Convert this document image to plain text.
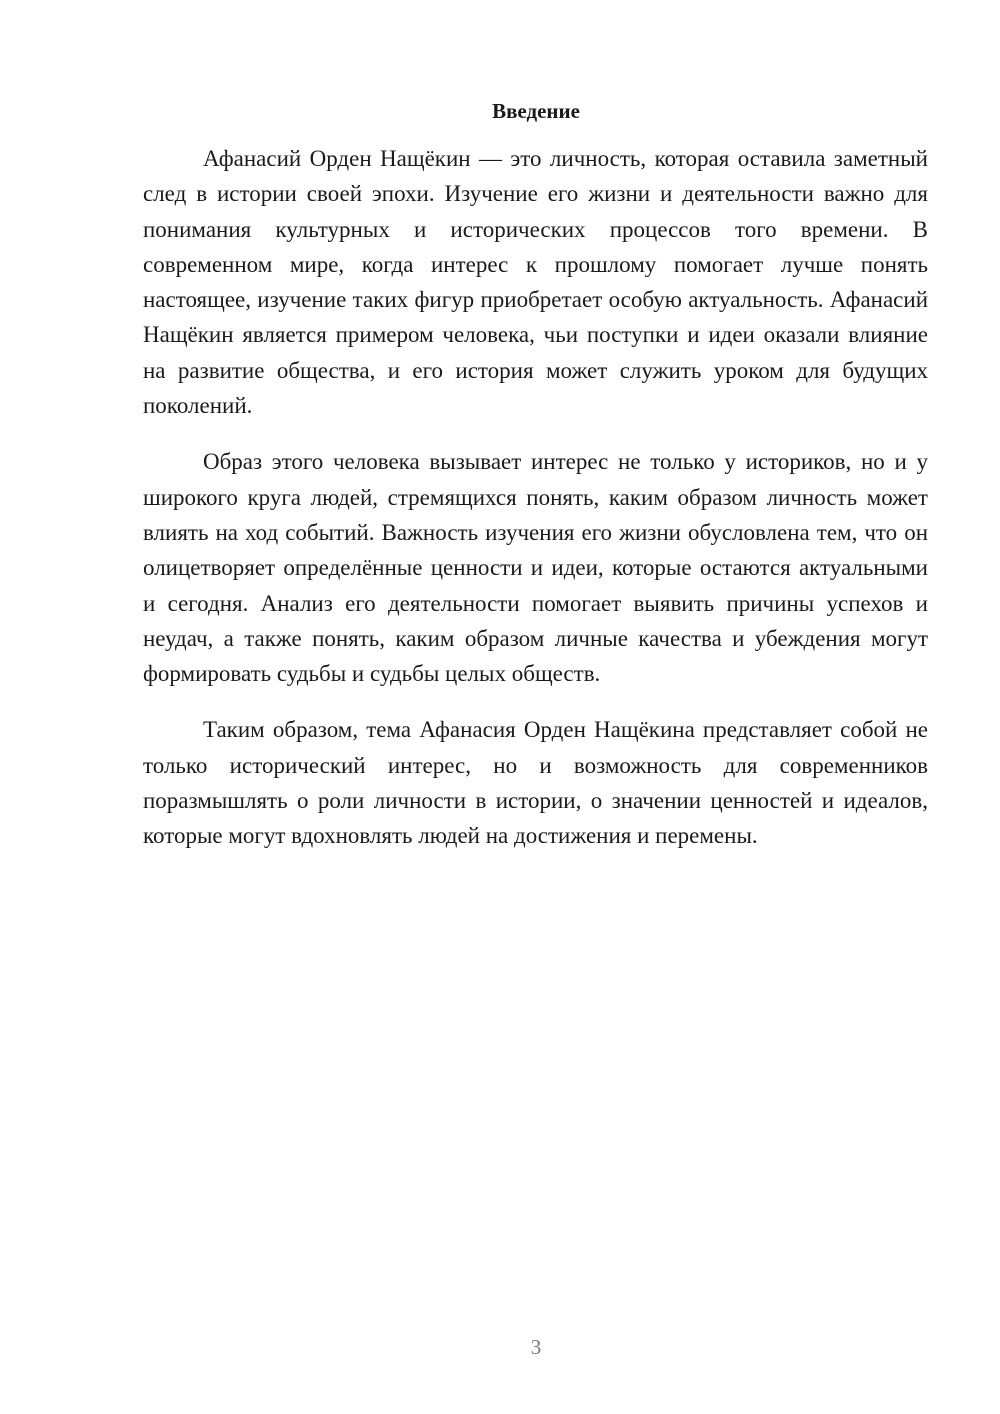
Введение

Афанасий Орден Нащёкин — это личность, которая оставила заметный след в истории своей эпохи. Изучение его жизни и деятельности важно для понимания культурных и исторических процессов того времени. В современном мире, когда интерес к прошлому помогает лучше понять настоящее, изучение таких фигур приобретает особую актуальность. Афанасий Нащёкин является примером человека, чьи поступки и идеи оказали влияние на развитие общества, и его история может служить уроком для будущих поколений.

Образ этого человека вызывает интерес не только у историков, но и у широкого круга людей, стремящихся понять, каким образом личность может влиять на ход событий. Важность изучения его жизни обусловлена тем, что он олицетворяет определённые ценности и идеи, которые остаются актуальными и сегодня. Анализ его деятельности помогает выявить причины успехов и неудач, а также понять, каким образом личные качества и убеждения могут формировать судьбы и судьбы целых обществ.

Таким образом, тема Афанасия Орден Нащёкина представляет собой не только исторический интерес, но и возможность для современников поразмышлять о роли личности в истории, о значении ценностей и идеалов, которые могут вдохновлять людей на достижения и перемены.

3
